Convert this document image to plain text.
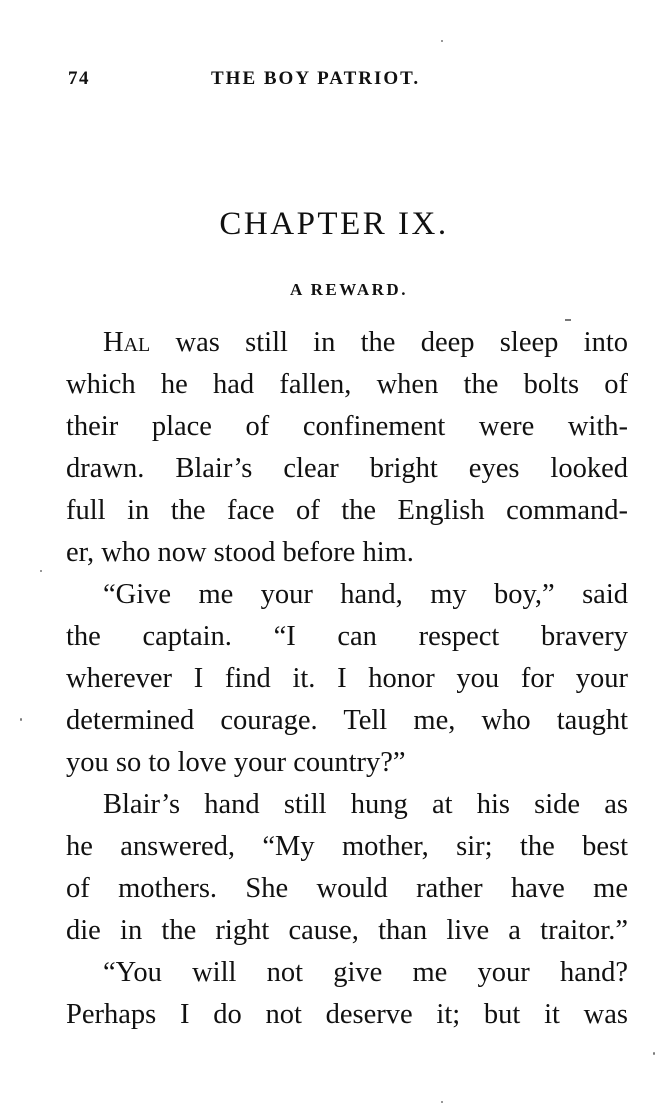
74	THE BOY PATRIOT.
CHAPTER IX.
A REWARD.
Hal was still in the deep sleep into
which he had fallen, when the bolts of
their place of confinement were with-
drawn. Blair’s clear bright eyes looked
full in the face of the English command-
er, who now stood before him.
“Give me your hand, my boy,” said
the captain. “I can respect bravery
wherever I find it. I honor you for your
determined courage. Tell me, who taught
you so to love your country?”
Blair’s hand still hung at his side as
he answered, “My mother, sir; the best
of mothers. She would rather have me
die in the right cause, than live a traitor.”
“You will not give me your hand?
Perhaps I do not deserve it; but it was
